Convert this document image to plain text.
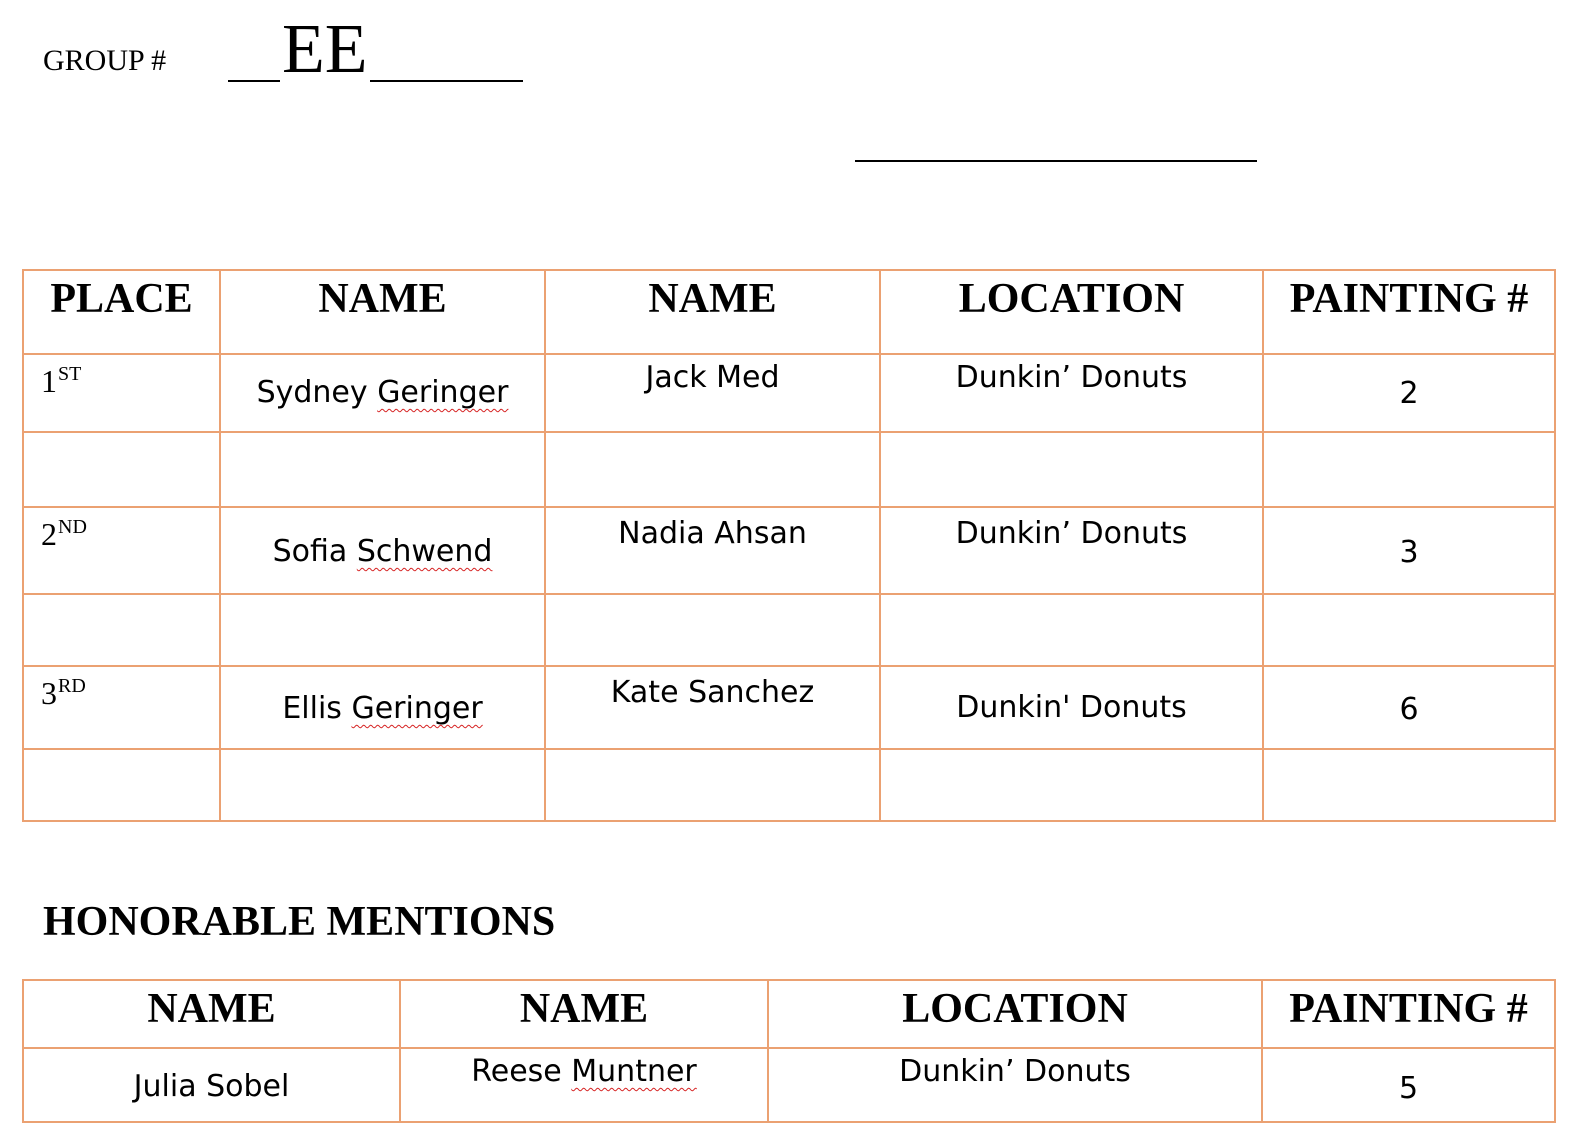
GROUP # EE
PLACE	NAME	NAME	LOCATION	PAINTING #

1ST	Sydney Geringer	Jack Med	Dunkin’ Donuts	2

2ND	Sofia Schwend	Nadia Ahsan	Dunkin’ Donuts	3

3RD	Ellis Geringer	Kate Sanchez	Dunkin' Donuts	6

HONORABLE MENTIONS
NAME	NAME	LOCATION	PAINTING #

Julia Sobel	Reese Muntner	Dunkin’ Donuts	5
